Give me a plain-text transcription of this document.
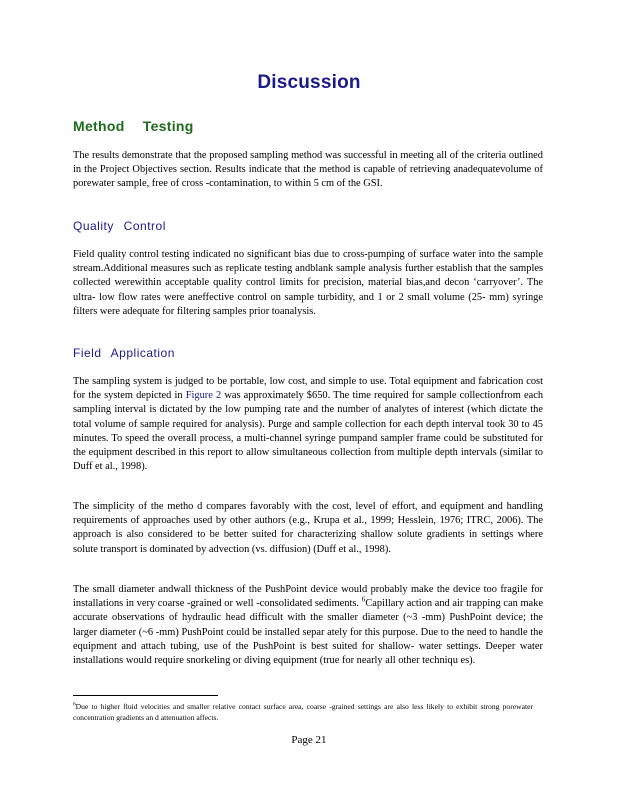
Discussion
Method Testing
The results demonstrate that the proposed sampling method was successful in meeting all of the criteria outlined in the Project Objectives section. Results indicate that the method is capable of retrieving anadequatevolume of porewater sample, free of cross -contamination, to within 5 cm of the GSI.
Quality Control
Field quality control testing indicated no significant bias due to cross-pumping of surface water into the sample stream.Additional measures such as replicate testing andblank sample analysis further establish that the samples collected werewithin acceptable quality control limits for precision, material bias,and decon ‘carryover’. The ultra- low flow rates were aneffective control on sample turbidity, and 1 or 2 small volume (25- mm) syringe filters were adequate for filtering samples prior toanalysis.
Field Application
The sampling system is judged to be portable, low cost, and simple to use. Total equipment and fabrication cost for the system depicted in Figure 2 was approximately $650. The time required for sample collectionfrom each sampling interval is dictated by the low pumping rate and the number of analytes of interest (which dictate the total volume of sample required for analysis). Purge and sample collection for each depth interval took 30 to 45 minutes. To speed the overall process, a multi-channel syringe pumpand sampler frame could be substituted for the equipment described in this report to allow simultaneous collection from multiple depth intervals (similar to Duff et al., 1998).
The simplicity of the metho d compares favorably with the cost, level of effort, and equipment and handling requirements of approaches used by other authors (e.g., Krupa et al., 1999; Hesslein, 1976; ITRC, 2006). The approach is also considered to be better suited for characterizing shallow solute gradients in settings where solute transport is dominated by advection (vs. diffusion) (Duff et al., 1998).
The small diameter andwall thickness of the PushPoint device would probably make the device too fragile for installations in very coarse -grained or well -consolidated sediments. $^6$Capillary action and air trapping can make accurate observations of hydraulic head difficult with the smaller diameter (~3 -mm) PushPoint device; the larger diameter (~6 -mm) PushPoint could be installed separ ately for this purpose. Due to the need to handle the equipment and attach tubing, use of the PushPoint is best suited for shallow- water settings. Deeper water installations would require snorkeling or diving equipment (true for nearly all other techniqu es).
$^6$Due to higher fluid velocities and smaller relative contact surface area, coarse -grained settings are also less likely to exhibit strong porewater concentration gradients an d attenuation affects.
Page 21
